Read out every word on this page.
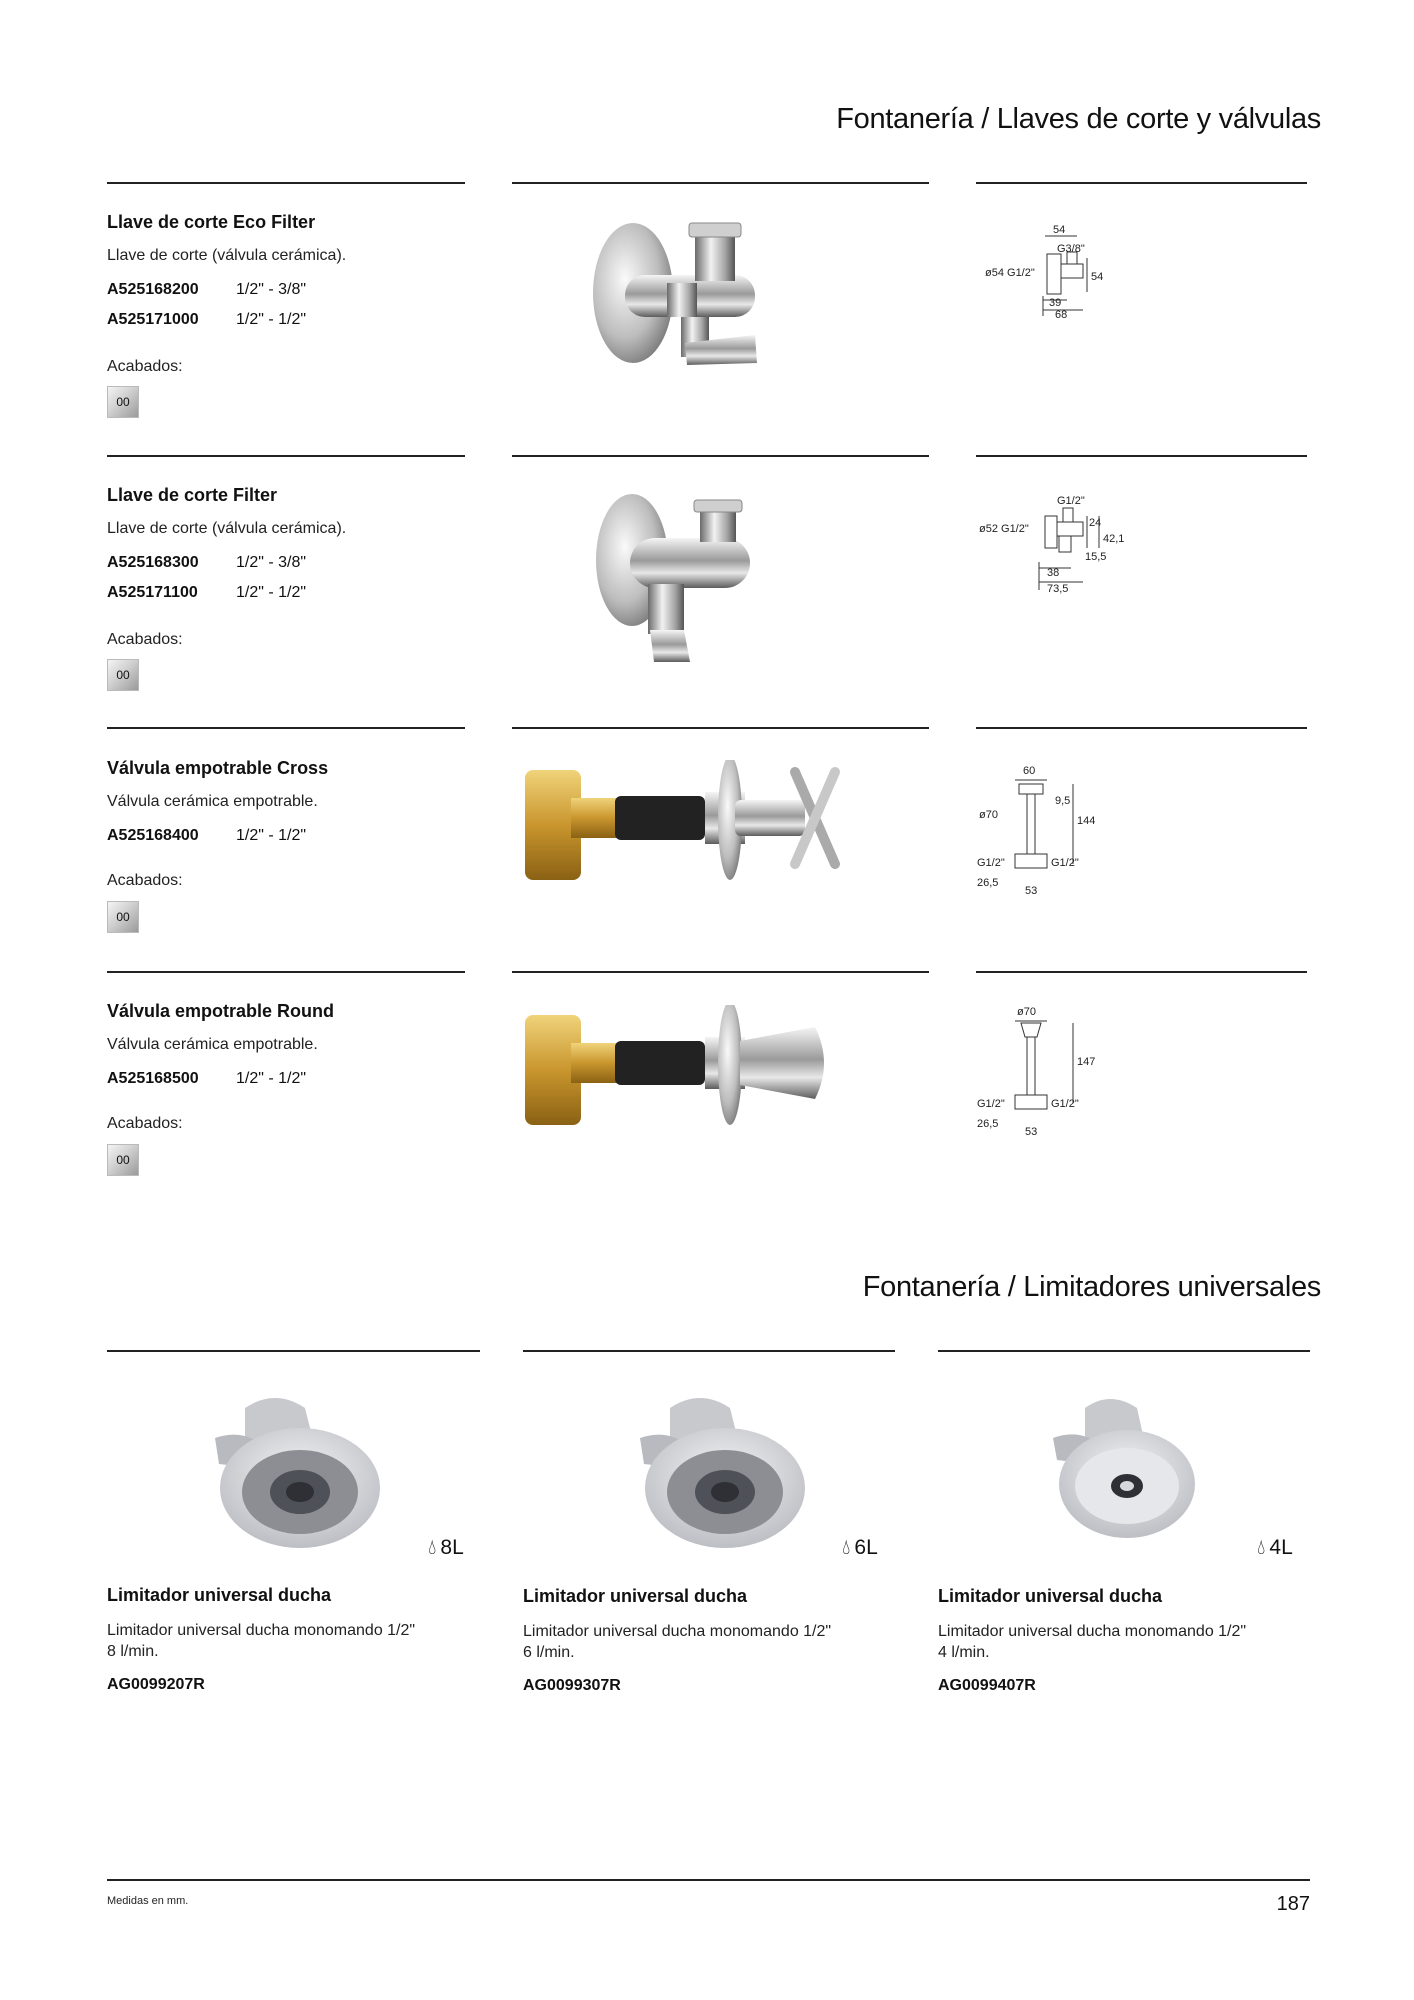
Fontanería / Llaves de corte y válvulas
Llave de corte Eco Filter
Llave de corte (válvula cerámica).
A525168200 1/2" - 3/8"
A525171000 1/2" - 1/2"
Acabados:
00
54
G3/8"
ø54 G1/2"	54
39
68
Llave de corte Filter
Llave de corte (válvula cerámica).
A525168300 1/2" - 3/8"
A525171100 1/2" - 1/2"
Acabados:
00
G1/2"
ø52 G1/2"	24
42,1
15,5
38
73,5
Válvula empotrable Cross
Válvula cerámica empotrable.
A525168400 1/2" - 1/2"
Acabados:
00
60
9,5
ø70	144
G1/2"	G1/2"
26,5
53
Válvula empotrable Round
Válvula cerámica empotrable.
A525168500 1/2" - 1/2"
Acabados:
00
ø70
147
G1/2"	G1/2"
26,5
53
Fontanería / Limitadores universales
💧︎ 8L
Limitador universal ducha
Limitador universal ducha monomando 1/2"
8 l/min.
AG0099207R
💧︎ 6L
Limitador universal ducha
Limitador universal ducha monomando 1/2"
6 l/min.
AG0099307R
💧︎ 4L
Limitador universal ducha
Limitador universal ducha monomando 1/2"
4 l/min.
AG0099407R
Medidas en mm.	187
